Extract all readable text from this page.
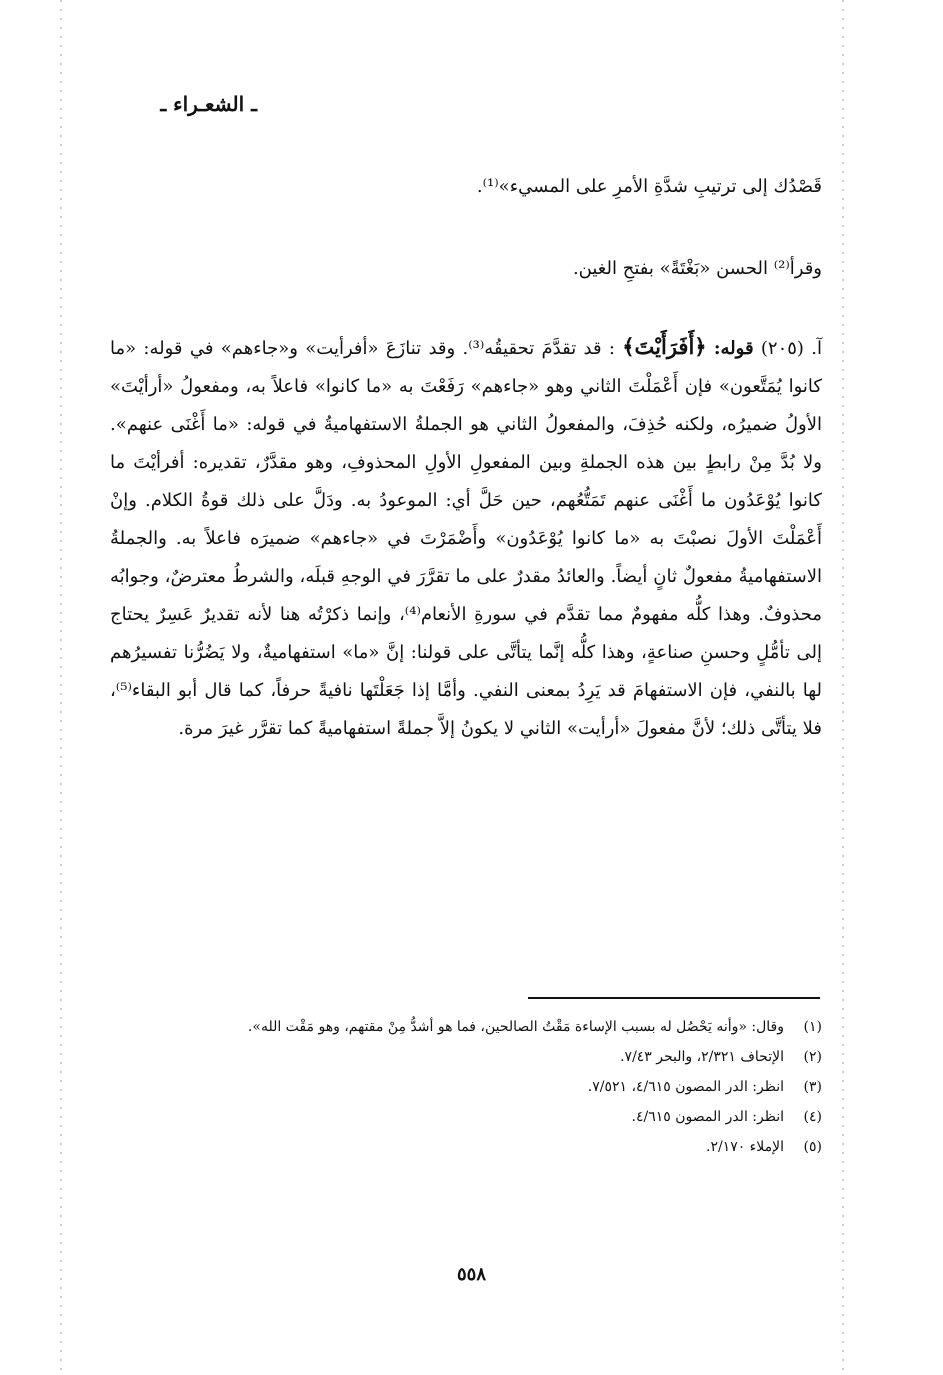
ـ الشعـراء ـ
قَصْدُك إلى ترتيبِ شدَّةِ الأمرِ على المسيء»⁽¹⁾.
وقرأ⁽²⁾ الحسن «بَغْتَةً» بفتحِ الغين.
آ. (٢٠٥) قوله: ﴿أَفَرَأَيْتَ﴾ : قد تقدَّمَ تحقيقُه⁽³⁾. وقد تنازَعَ «أفرأيت» و«جاءهم» في قوله: «ما كانوا يُمَتَّعون» فإن أَعْمَلْتَ الثاني وهو «جاءهم» رَفَعْتَ به «ما كانوا» فاعلاً به، ومفعولُ «أرأيْتَ» الأولُ ضميرُه، ولكنه حُذِفَ، والمفعولُ الثاني هو الجملةُ الاستفهاميةُ في قوله: «ما أَغْنَى عنهم». ولا بُدَّ مِنْ رابطٍ بين هذه الجملةِ وبين المفعولِ الأولِ المحذوفِ، وهو مقدَّرٌ، تقديره: أفرأيْتَ ما كانوا يُوْعَدُون ما أَغْنَى عنهم تَمَتُّعُهم، حين حَلَّ أي: الموعودُ به. ودَلَّ على ذلك قوةُ الكلام. وإنْ أَعْمَلْتَ الأولَ نصبْتَ به «ما كانوا يُوْعَدُون» وأَضْمَرْتَ في «جاءهم» ضميرَه فاعلاً به. والجملةُ الاستفهاميةُ مفعولٌ ثانٍ أيضاً. والعائدُ مقدرٌ على ما تقرَّرَ في الوجهِ قبلَه، والشرطُ معترضٌ، وجوابُه محذوفٌ. وهذا كلُّه مفهومٌ مما تقدَّم في سورةِ الأنعام⁽⁴⁾، وإنما ذكرْتُه هنا لأنه تقديرٌ عَسِرٌ يحتاج إلى تأمُّلٍ وحسنِ صناعةٍ، وهذا كلُّه إنَّما يتأتَّى على قولنا: إنَّ «ما» استفهاميةٌ، ولا يَضُرُّنا تفسيرُهم لها بالنفي، فإن الاستفهامَ قد يَرِدُ بمعنى النفي. وأمَّا إذا جَعَلْتَها نافيةً حرفاً، كما قال أبو البقاء⁽⁵⁾، فلا يتأتَّى ذلك؛ لأنَّ مفعولَ «أرأيت» الثاني لا يكونُ إلاَّ جملةً استفهاميةً كما تقرَّر غيرَ مرة.
(١)
وقال: «وأنه يَحْصُل له بسبب الإساءة مَقْتُ الصالحين، فما هو أشدُّ مِنْ مقتهم، وهو مَقْت الله».
(٢)
الإتحاف ٢/٣٢١، والبحر ٧/٤٣.
(٣)
انظر: الدر المصون ٤/٦١٥، ٧/٥٢١.
(٤)
انظر: الدر المصون ٤/٦١٥.
(٥)
الإملاء ٢/١٧٠.
٥٥٨
